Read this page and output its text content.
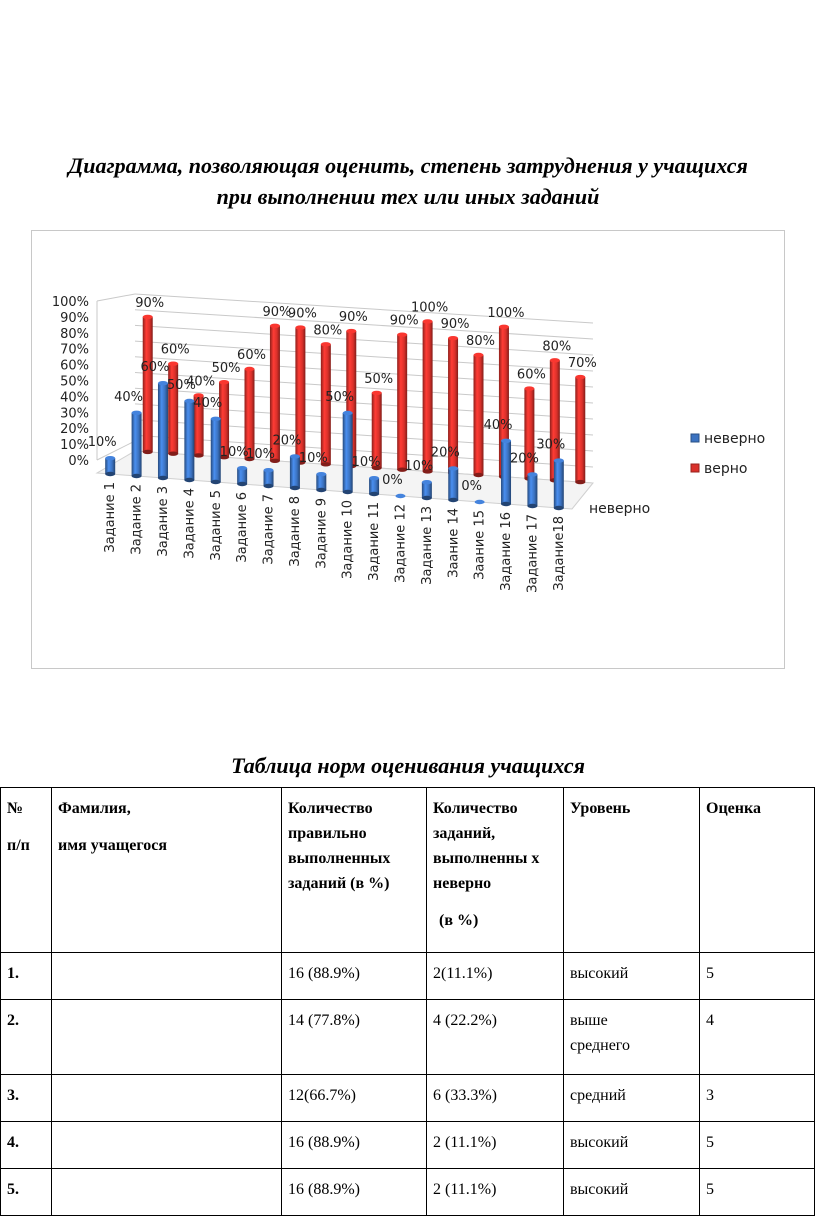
Диаграмма, позволяющая оценить, степень затруднения у учащихся
при выполнении тех или иных заданий
0%
10%
20%
30%
40%
50%
60%
70%
80%
90%
100%	90%
60%
40%
50%
60%
90%
90%
80%
90%
50%
90%
100%
90%
80%
100%
60%
80%
70%
10%
40%
60%
50%
40%
10%
10%
20%
10%
50%
10%
0%
10%
20%
0%
40%
20%
30%
Задание 1 Задание 2 Задание 3 Задание 4 Задание 5 Задание 6 Задание 7 Задание 8 Задание 9 Задание 10 Задание 11 Задание 12 Задание 13 Заание 14 Заание 15 Задание 16 Задание 17 Задание18
неверно
неверно
верно
Таблица норм оценивания учащихся
№
п/п	Фамилия,
имя учащегося	Количество правильно выполненных заданий (в %)	Количество заданий, выполненны х неверно
(в %)	Уровень	Оценка

1.		16 (88.9%)	2(11.1%)	высокий	5
2.		14 (77.8%)	4 (22.2%)	выше среднего	4
3.		12(66.7%)	6 (33.3%)	средний	3
4.		16 (88.9%)	2 (11.1%)	высокий	5
5.		16 (88.9%)	2 (11.1%)	высокий	5
